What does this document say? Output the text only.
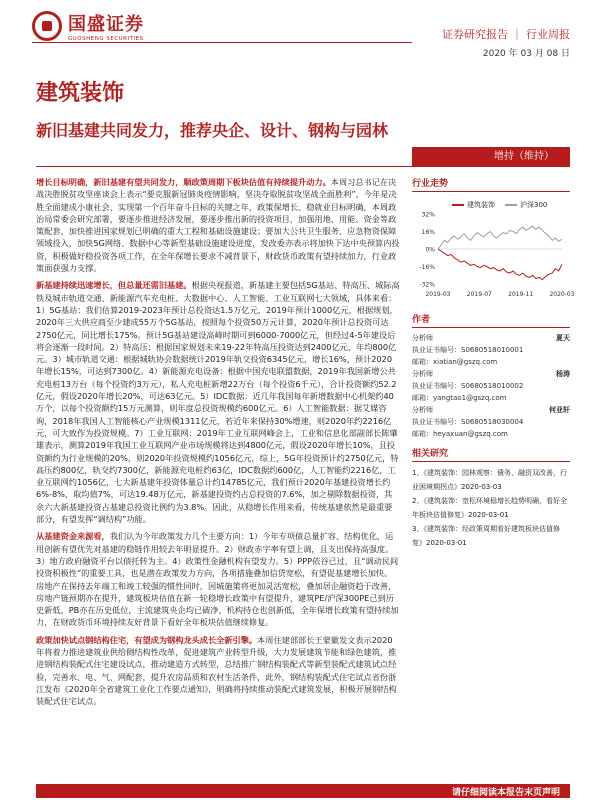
国盛证券
GUOSHENG SECURITIES	证券研究报告 ｜ 行业周报
2020 年 03 月 08 日
建筑装饰
新旧基建共同发力，推荐央企、设计、钢构与园林
增持（维持）

增长目标明确，新旧基建有望共同发力，顺政策周期下板块估值有持续提升动力。本周习总书记在决战决胜脱贫攻坚座谈会上表示“要克服新冠肺炎疫情影响，坚决夺取脱贫攻坚战全面胜利”，今年是决胜全面建成小康社会、实现第一个百年奋斗目标的关键之年，政策保增长、稳就业目标明确，本周政治局常委会研究部署，要逐步推进经济发展，要逐步推出新的投资项目，加强用地、用能、资金等政策配套，加快推进国家规划已明确的重大工程和基础设施建设；要加大公共卫生服务、应急物资保障领域投入，加快5G网络、数据中心等新型基础设施建设进度，发改委亦表示将加快下达中央预算内投资，积极做好稳投资各项工作，在全年保增长要求不减背景下，财政货币政策有望持续加力，行业政策面获强力支撑。

新基建持续迅速增长，但总量还需旧基建。根据央视报道，新基建主要包括5G基站、特高压、城际高铁及城市轨道交通、新能源汽车充电桩、大数据中心、人工智能、工业互联网七大领域，具体来看：1）5G基站：我们估算2019-2023年预计总投资达1.5万亿元，2019年预计1000亿元，根据规划，2020年三大供应商至少建成55万个5G基站，按照每个投资50万元计算，2020年预计总投资可达2750亿元，同比增长175%。预计5G基站建设高峰时期可到6000-7000亿元，但经过4-5年建设后将会逐渐一段时间。2）特高压：根据国家规划未来19-22年特高压投资达到2400亿元，年均800亿元。3）城市轨道交通：根据城轨协会数据统计2019年轨交投资6345亿元，增长16%，预计2020年增长15%，可达到7300亿。4）新能源充电设备：根据中国充电联盟数据，2019年我国新增公共充电桩13万台（每个投资约3万元），私人充电桩新增22万台（每个投资6千元），合计投资额约52.2亿元，假设2020年增长20%，可达63亿元。5）IDC数据：近几年我国每年新增数据中心机架约40万个，以每个投资额约15万元测算，则年度总投资规模约600亿元。6）人工智能数据：据艾媒咨询，2018年我国人工智能核心产业规模1311亿元，若近年来保持30%增速，则2020年约2216亿元，可大致作为投资规模。7）工业互联网：2019年工业互联网峰会上，工业和信息化部副部长陈肇雄表示，测算2019年我国工业互联网产业市场规模将达到4800亿元，假设2020年增长10%，且投资额约为行业规模的20%，则2020年投资规模约1056亿元，综上，5G年投资预计约2750亿元，特高压约800亿，轨交约7300亿，新能源充电桩约63亿，IDC数据约600亿，人工智能约2216亿，工业互联网约1056亿，七大新基建年投资体量总计约14785亿元，我们预计2020年基建投资增长约6%-8%，取均值7%，可达19.48万亿元，新基建投资约占总投资的7.6%，加之剔除数据投资，其余六大新基建投资占基建总投资比例约为3.8%。因此，从稳增长作用来看，传统基建依然是最重要部分，有望发挥“调结构”功能。

从基建资金来源看，我们认为今年政策发力几个主要方向：1）今年专项债总量扩容、结构优化，运用创新有望优先对基建的稳链作用较去年明显提升。2）财政赤字率有望上调，且支出保持高强度。3）地方政府融资平台以债托转为主。4）政策性金融机构有望发力。5）PPP依谷已过，且“调动民间投资积极性”的重要工具，也是潜在政策发力方向，各项措施叠加信贷宽松，有望促基建增长加快。房地产在保持去年端工和竣工较强的惯性同时，因城施策将更加灵活宽松，叠加居企融资趋于改善，房地产链预期亦在提升，建筑板块估值在新一轮稳增长政策中有望提升，建筑PE/沪深300PE已到历史新低，PB亦在历史低位，主流建筑央企均已破净，机构持仓也创新低，全年保增长政策有望持续加力，在财政货币环境持续友好背景下看好全年板块估值继续修复。

政策加快试点钢结构住宅，有望成为钢构龙头成长全新引擎。本周住建部部长王蒙徽发文表示2020年将着力推进建筑业供给侧结构性改革，促进建筑产业转型升级，大力发展建筑节能和绿色建筑，推进钢结构装配式住宅建设试点，推动建造方式转型，总结推广钢结构装配式等新型装配式建筑试点经验，完善水、电、气、网配套，提升农房品质和农村生活条件，此外，钢结构装配式住宅试点省份浙江发布《2020年全省建筑工业化工作要点通知》，明确将持续推动装配式建筑发展，积极开展钢结构装配式住宅试点。

行业走势
建筑装饰	沪深300
32%
16%
0%
-16%
-32%
2019-03	2019-07	2019-11	2020-03
作者
分析师	夏天
执业证书编号：S0680518010001
邮箱：xiatian@gszq.com
分析师	杨涛
执业证书编号：S0680518010002
邮箱：yangtao1@gszq.com
分析师	何亚轩
执业证书编号：S0680518030004
邮箱：heyaxuan@gszq.com
相关研究
1、《建筑装饰：园林观察：債务、融资双改善，行业困境期拐点》2020-03-03
2、《建筑装饰：宽松环境稳增长趋势明确，看好全年板块估值修复》2020-03-01
3、《建筑装饰：经政策周期看好建筑板块估值修复》2020-03-01
请仔细阅读本报告末页声明
